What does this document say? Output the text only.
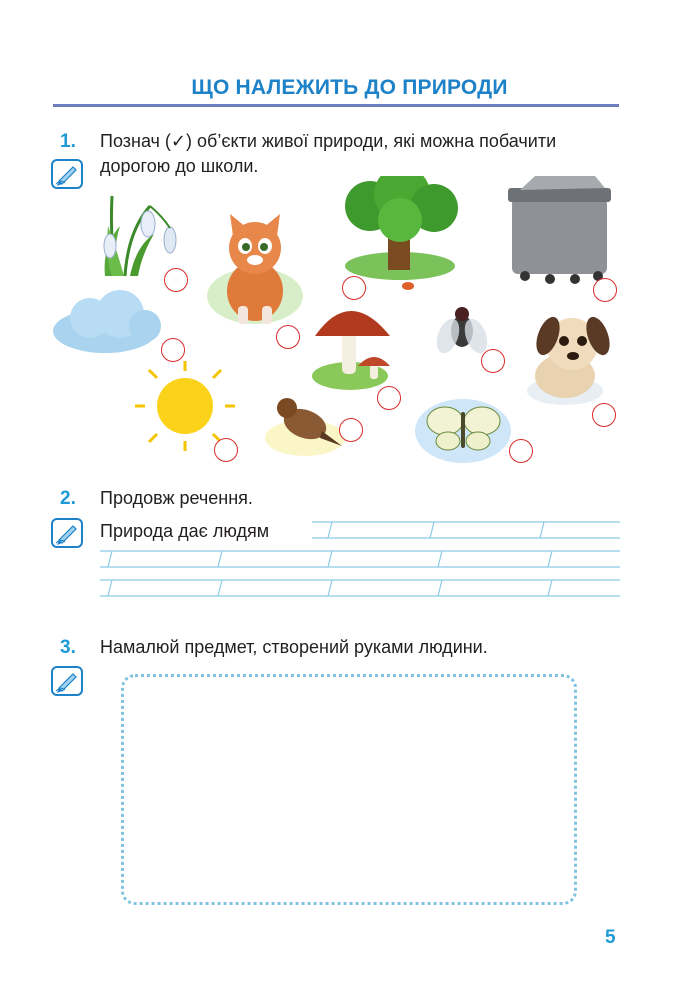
ЩО НАЛЕЖИТЬ ДО ПРИРОДИ
1. Познач (✓) об’єкти живої природи, які можна побачити
дорогою до школи.
2. Продовж речення.
Природа дає людям
3. Намалюй предмет, створений руками людини.
5
